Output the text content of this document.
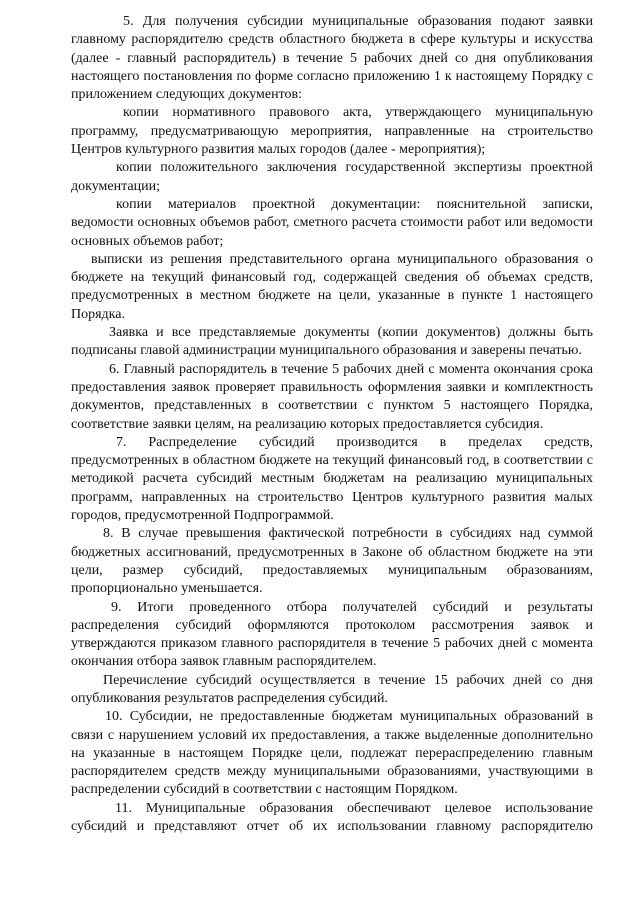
5. Для получения субсидии муниципальные образования подают заявки главному распорядителю средств областного бюджета в сфере культуры и искусства (далее - главный распорядитель) в течение 5 рабочих дней со дня опубликования настоящего постановления по форме согласно приложению 1 к настоящему Порядку с приложением следующих документов:

копии нормативного правового акта, утверждающего муниципальную программу, предусматривающую мероприятия, направленные на строительство Центров культурного развития малых городов (далее - мероприятия);

копии положительного заключения государственной экспертизы проектной документации;

копии материалов проектной документации: пояснительной записки, ведомости основных объемов работ, сметного расчета стоимости работ или ведомости основных объемов работ;

выписки из решения представительного органа муниципального образования о бюджете на текущий финансовый год, содержащей сведения об объемах средств, предусмотренных в местном бюджете на цели, указанные в пункте 1 настоящего Порядка.

Заявка и все представляемые документы (копии документов) должны быть подписаны главой администрации муниципального образования и заверены печатью.

6. Главный распорядитель в течение 5 рабочих дней с момента окончания срока предоставления заявок проверяет правильность оформления заявки и комплектность документов, представленных в соответствии с пунктом 5 настоящего Порядка, соответствие заявки целям, на реализацию которых предоставляется субсидия.

7. Распределение субсидий производится в пределах средств, предусмотренных в областном бюджете на текущий финансовый год, в соответствии с методикой расчета субсидий местным бюджетам на реализацию муниципальных программ, направленных на строительство Центров культурного развития малых городов, предусмотренной Подпрограммой.

8. В случае превышения фактической потребности в субсидиях над суммой бюджетных ассигнований, предусмотренных в Законе об областном бюджете на эти цели, размер субсидий, предоставляемых муниципальным образованиям, пропорционально уменьшается.

9. Итоги проведенного отбора получателей субсидий и результаты распределения субсидий оформляются протоколом рассмотрения заявок и утверждаются приказом главного распорядителя в течение 5 рабочих дней с момента окончания отбора заявок главным распорядителем.

Перечисление субсидий осуществляется в течение 15 рабочих дней со дня опубликования результатов распределения субсидий.

10. Субсидии, не предоставленные бюджетам муниципальных образований в связи с нарушением условий их предоставления, а также выделенные дополнительно на указанные в настоящем Порядке цели, подлежат перераспределению главным распорядителем средств между муниципальными образованиями, участвующими в распределении субсидий в соответствии с настоящим Порядком.

11. Муниципальные образования обеспечивают целевое использование субсидий и представляют отчет об их использовании главному распорядителю
